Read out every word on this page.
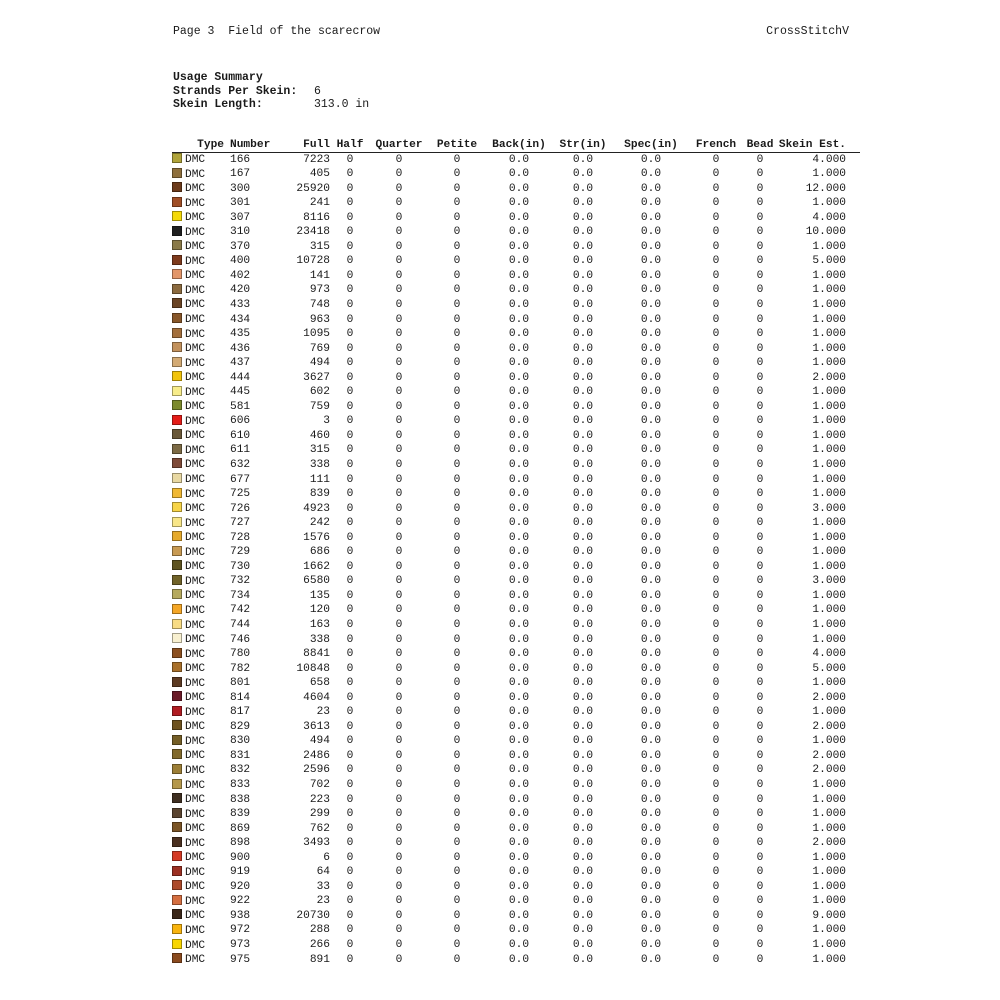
Page 3 Field of the scarecrow	CrossStitchV
Usage Summary
Strands Per Skein: 6
Skein Length:	313.0 in
Type	Number	Full	Half	Quarter	Petite	Back(in)	Str(in)	Spec(in)	French	Bead	Skein Est.
DMC	166	7223	0	0	0	0.0	0.0	0.0	0	0	4.000
DMC	167	405	0	0	0	0.0	0.0	0.0	0	0	1.000
DMC	300	25920	0	0	0	0.0	0.0	0.0	0	0	12.000
DMC	301	241	0	0	0	0.0	0.0	0.0	0	0	1.000
DMC	307	8116	0	0	0	0.0	0.0	0.0	0	0	4.000
DMC	310	23418	0	0	0	0.0	0.0	0.0	0	0	10.000
DMC	370	315	0	0	0	0.0	0.0	0.0	0	0	1.000
DMC	400	10728	0	0	0	0.0	0.0	0.0	0	0	5.000
DMC	402	141	0	0	0	0.0	0.0	0.0	0	0	1.000
DMC	420	973	0	0	0	0.0	0.0	0.0	0	0	1.000
DMC	433	748	0	0	0	0.0	0.0	0.0	0	0	1.000
DMC	434	963	0	0	0	0.0	0.0	0.0	0	0	1.000
DMC	435	1095	0	0	0	0.0	0.0	0.0	0	0	1.000
DMC	436	769	0	0	0	0.0	0.0	0.0	0	0	1.000
DMC	437	494	0	0	0	0.0	0.0	0.0	0	0	1.000
DMC	444	3627	0	0	0	0.0	0.0	0.0	0	0	2.000
DMC	445	602	0	0	0	0.0	0.0	0.0	0	0	1.000
DMC	581	759	0	0	0	0.0	0.0	0.0	0	0	1.000
DMC	606	3	0	0	0	0.0	0.0	0.0	0	0	1.000
DMC	610	460	0	0	0	0.0	0.0	0.0	0	0	1.000
DMC	611	315	0	0	0	0.0	0.0	0.0	0	0	1.000
DMC	632	338	0	0	0	0.0	0.0	0.0	0	0	1.000
DMC	677	111	0	0	0	0.0	0.0	0.0	0	0	1.000
DMC	725	839	0	0	0	0.0	0.0	0.0	0	0	1.000
DMC	726	4923	0	0	0	0.0	0.0	0.0	0	0	3.000
DMC	727	242	0	0	0	0.0	0.0	0.0	0	0	1.000
DMC	728	1576	0	0	0	0.0	0.0	0.0	0	0	1.000
DMC	729	686	0	0	0	0.0	0.0	0.0	0	0	1.000
DMC	730	1662	0	0	0	0.0	0.0	0.0	0	0	1.000
DMC	732	6580	0	0	0	0.0	0.0	0.0	0	0	3.000
DMC	734	135	0	0	0	0.0	0.0	0.0	0	0	1.000
DMC	742	120	0	0	0	0.0	0.0	0.0	0	0	1.000
DMC	744	163	0	0	0	0.0	0.0	0.0	0	0	1.000
DMC	746	338	0	0	0	0.0	0.0	0.0	0	0	1.000
DMC	780	8841	0	0	0	0.0	0.0	0.0	0	0	4.000
DMC	782	10848	0	0	0	0.0	0.0	0.0	0	0	5.000
DMC	801	658	0	0	0	0.0	0.0	0.0	0	0	1.000
DMC	814	4604	0	0	0	0.0	0.0	0.0	0	0	2.000
DMC	817	23	0	0	0	0.0	0.0	0.0	0	0	1.000
DMC	829	3613	0	0	0	0.0	0.0	0.0	0	0	2.000
DMC	830	494	0	0	0	0.0	0.0	0.0	0	0	1.000
DMC	831	2486	0	0	0	0.0	0.0	0.0	0	0	2.000
DMC	832	2596	0	0	0	0.0	0.0	0.0	0	0	2.000
DMC	833	702	0	0	0	0.0	0.0	0.0	0	0	1.000
DMC	838	223	0	0	0	0.0	0.0	0.0	0	0	1.000
DMC	839	299	0	0	0	0.0	0.0	0.0	0	0	1.000
DMC	869	762	0	0	0	0.0	0.0	0.0	0	0	1.000
DMC	898	3493	0	0	0	0.0	0.0	0.0	0	0	2.000
DMC	900	6	0	0	0	0.0	0.0	0.0	0	0	1.000
DMC	919	64	0	0	0	0.0	0.0	0.0	0	0	1.000
DMC	920	33	0	0	0	0.0	0.0	0.0	0	0	1.000
DMC	922	23	0	0	0	0.0	0.0	0.0	0	0	1.000
DMC	938	20730	0	0	0	0.0	0.0	0.0	0	0	9.000
DMC	972	288	0	0	0	0.0	0.0	0.0	0	0	1.000
DMC	973	266	0	0	0	0.0	0.0	0.0	0	0	1.000
DMC	975	891	0	0	0	0.0	0.0	0.0	0	0	1.000
